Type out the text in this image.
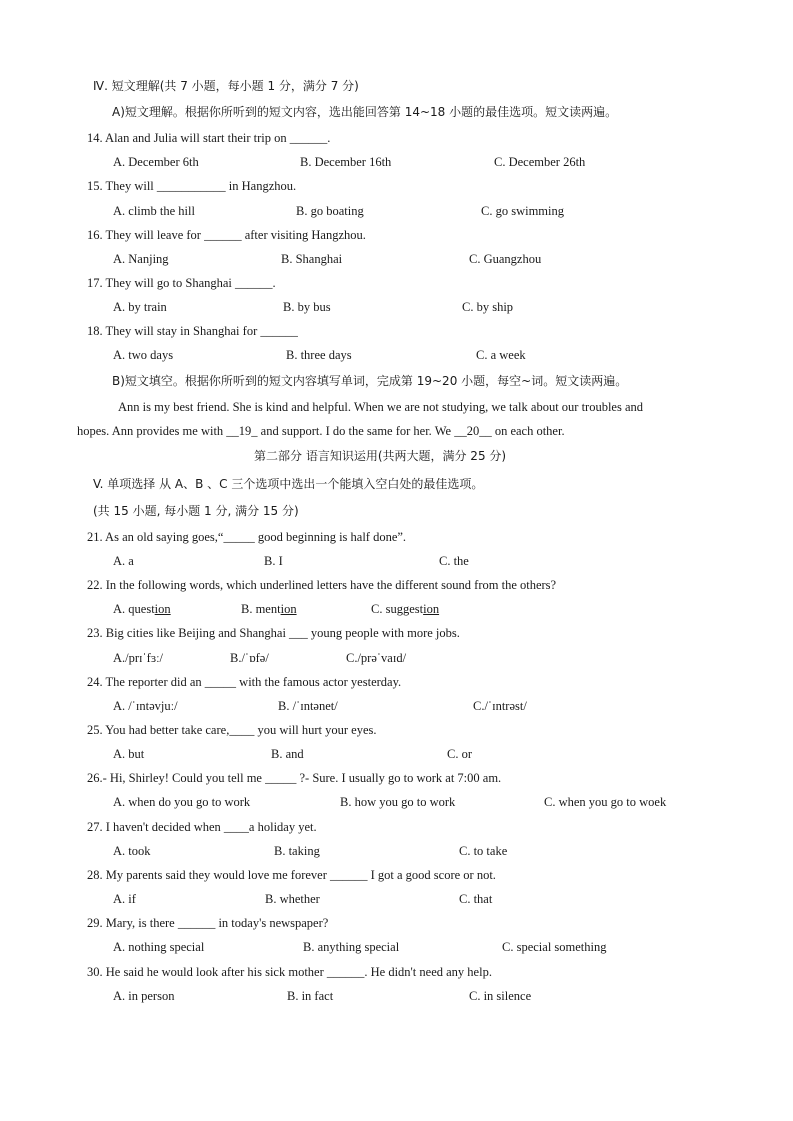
Ⅳ. 短文理解(共 7 小题，每小题 1 分，满分 7 分)
A)短文理解。根据你所听到的短文内容，选出能回答第 14~18 小题的最佳选项。短文读两遍。
14. Alan and Julia will start their trip on ______.
A. December 6th	B. December 16th	C. December 26th
15. They will ___________ in Hangzhou.
A. climb the hill	B. go boating	C. go swimming
16. They will leave for ______ after visiting Hangzhou.
A. Nanjing	B. Shanghai	C. Guangzhou
17. They will go to Shanghai ______.
A. by train	B. by bus	C. by ship
18. They will stay in Shanghai for ______
A. two days	B. three days	C. a week
B)短文填空。根据你所听到的短文内容填写单词，完成第 19~20 小题，每空~词。短文读两遍。
Ann is my best friend. She is kind and helpful. When we are not studying, we talk about our troubles and
hopes. Ann provides me with __19_ and support. I do the same for her. We __20__ on each other.
第二部分 语言知识运用(共两大题，满分 25 分)
V. 单项选择 从 A、B 、C 三个选项中选出一个能填入空白处的最佳选项。
(共 15 小题, 每小题 1 分, 满分 15 分)
21. As an old saying goes,“_____ good beginning is half done”.
A. a	B. I	C. the
22. In the following words, which underlined letters have the different sound from the others?
A. question	B. mention	C. suggestion
23. Big cities like Beijing and Shanghai ___ young people with more jobs.
A./prɪˈfɜː/	B./ˈɒfə/	C./prəˈvaɪd/
24. The reporter did an _____ with the famous actor yesterday.
A. /ˈɪntəvjuː/	B. /ˈɪntənet/	C./ˈɪntrəst/
25. You had better take care,____ you will hurt your eyes.
A. but	B. and	C. or
26.- Hi, Shirley! Could you tell me _____ ?- Sure. I usually go to work at 7:00 am.
A. when do you go to work	B. how you go to work	C. when you go to woek
27. I haven't decided when ____a holiday yet.
A. took	B. taking	C. to take
28. My parents said they would love me forever ______ I got a good score or not.
A. if	B. whether	C. that
29. Mary, is there ______ in today's newspaper?
A. nothing special	B. anything special	C. special something
30. He said he would look after his sick mother ______. He didn't need any help.
A. in person	B. in fact	C. in silence
